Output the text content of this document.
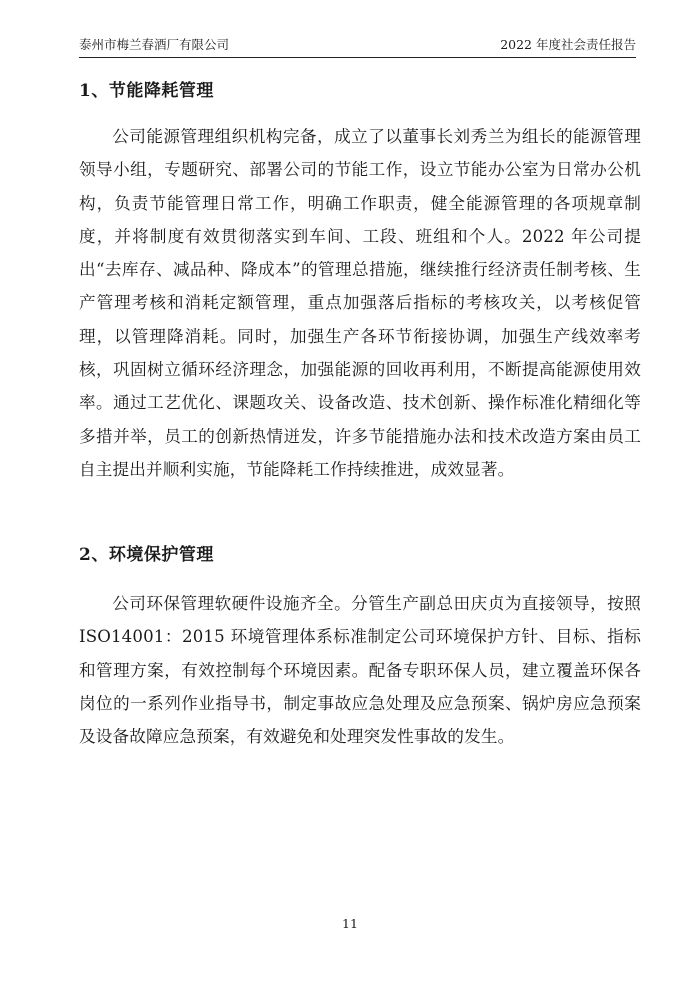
泰州市梅兰春酒厂有限公司	2022 年度社会责任报告
1、节能降耗管理

公司能源管理组织机构完备，成立了以董事长刘秀兰为组长的能源管理领导小组，专题研究、部署公司的节能工作，设立节能办公室为日常办公机构，负责节能管理日常工作，明确工作职责，健全能源管理的各项规章制度，并将制度有效贯彻落实到车间、工段、班组和个人。2022 年公司提出“去库存、减品种、降成本”的管理总措施，继续推行经济责任制考核、生产管理考核和消耗定额管理，重点加强落后指标的考核攻关，以考核促管理，以管理降消耗。同时，加强生产各环节衔接协调，加强生产线效率考核，巩固树立循环经济理念，加强能源的回收再利用，不断提高能源使用效率。通过工艺优化、课题攻关、设备改造、技术创新、操作标准化精细化等多措并举，员工的创新热情迸发，许多节能措施办法和技术改造方案由员工自主提出并顺利实施，节能降耗工作持续推进，成效显著。

2、环境保护管理

公司环保管理软硬件设施齐全。分管生产副总田庆贞为直接领导，按照ISO14001：2015 环境管理体系标准制定公司环境保护方针、目标、指标和管理方案，有效控制每个环境因素。配备专职环保人员，建立覆盖环保各岗位的一系列作业指导书，制定事故应急处理及应急预案、锅炉房应急预案及设备故障应急预案，有效避免和处理突发性事故的发生。

11
